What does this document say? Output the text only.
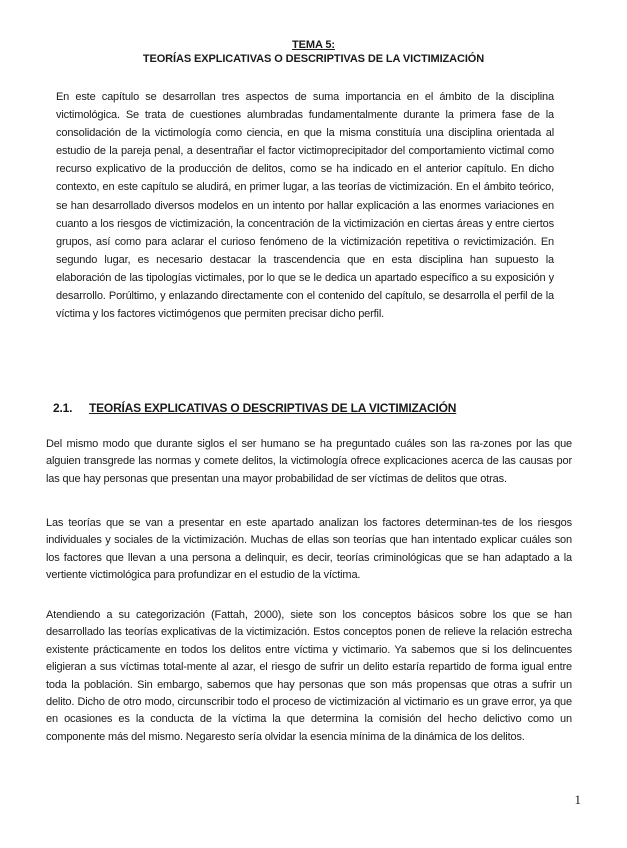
TEMA 5:
TEORÍAS EXPLICATIVAS O DESCRIPTIVAS DE LA VICTIMIZACIÓN

En este capítulo se desarrollan tres aspectos de suma importancia en el ámbito de la disciplina victimológica. Se trata de cuestiones alumbradas fundamentalmente durante la primera fase de la consolidación de la victimología como ciencia, en que la misma constituía una disciplina orientada al estudio de la pareja penal, a desentrañar el factor victimoprecipitador del comportamiento victimal como recurso explicativo de la producción de delitos, como se ha indicado en el anterior capítulo. En dicho contexto, en este capítulo se aludirá, en primer lugar, a las teorías de victimización. En el ámbito teórico, se han desarrollado diversos modelos en un intento por hallar explicación a las enormes variaciones en cuanto a los riesgos de victimización, la concentración de la victimización en ciertas áreas y entre ciertos grupos, así como para aclarar el curioso fenómeno de la victimización repetitiva o revictimización. En segundo lugar, es necesario destacar la trascendencia que en esta disciplina han supuesto la elaboración de las tipologías victimales, por lo que se le dedica un apartado específico a su exposición y desarrollo. Porúltimo, y enlazando directamente con el contenido del capítulo, se desarrolla el perfil de la víctima y los factores victimógenos que permiten precisar dicho perfil.

2.1. TEORÍAS EXPLICATIVAS O DESCRIPTIVAS DE LA VICTIMIZACIÓN

Del mismo modo que durante siglos el ser humano se ha preguntado cuáles son las ra-zones por las que alguien transgrede las normas y comete delitos, la victimología ofrece explicaciones acerca de las causas por las que hay personas que presentan una mayor probabilidad de ser víctimas de delitos que otras.

Las teorías que se van a presentar en este apartado analizan los factores determinan-tes de los riesgos individuales y sociales de la victimización. Muchas de ellas son teorías que han intentado explicar cuáles son los factores que llevan a una persona a delinquir, es decir, teorías criminológicas que se han adaptado a la vertiente victimológica para profundizar en el estudio de la víctima.

Atendiendo a su categorización (Fattah, 2000), siete son los conceptos básicos sobre los que se han desarrollado las teorías explicativas de la victimización. Estos conceptos ponen de relieve la relación estrecha existente prácticamente en todos los delitos entre víctima y victimario. Ya sabemos que si los delincuentes eligieran a sus víctimas total-mente al azar, el riesgo de sufrir un delito estaría repartido de forma igual entre toda la población. Sin embargo, sabemos que hay personas que son más propensas que otras a sufrir un delito. Dicho de otro modo, circunscribir todo el proceso de victimización al victimario es un grave error, ya que en ocasiones es la conducta de la víctima la que determina la comisión del hecho delictivo como un componente más del mismo. Negaresto sería olvidar la esencia mínima de la dinámica de los delitos.

1
